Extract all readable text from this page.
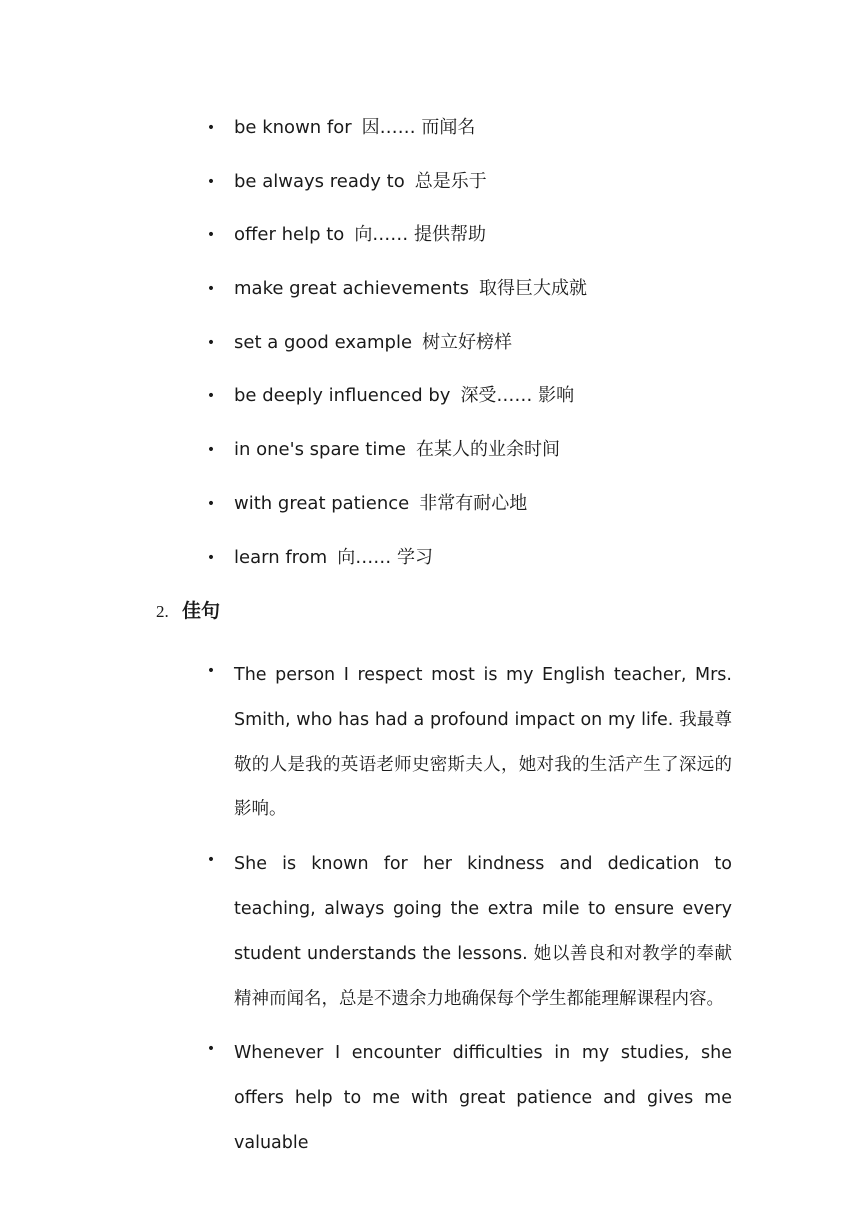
• be known for 因…… 而闻名
• be always ready to 总是乐于
• offer help to 向…… 提供帮助
• make great achievements 取得巨大成就
• set a good example 树立好榜样
• be deeply influenced by 深受…… 影响
• in one's spare time 在某人的业余时间
• with great patience 非常有耐心地
• learn from 向…… 学习
2. 佳句
• The person I respect most is my English teacher, Mrs. Smith, who has had a profound impact on my life. 我最尊敬的人是我的英语老师史密斯夫人，她对我的生活产生了深远的影响。
• She is known for her kindness and dedication to teaching, always going the extra mile to ensure every student understands the lessons. 她以善良和对教学的奉献精神而闻名，总是不遗余力地确保每个学生都能理解课程内容。
• Whenever I encounter difficulties in my studies, she offers help to me with great patience and gives me valuable
